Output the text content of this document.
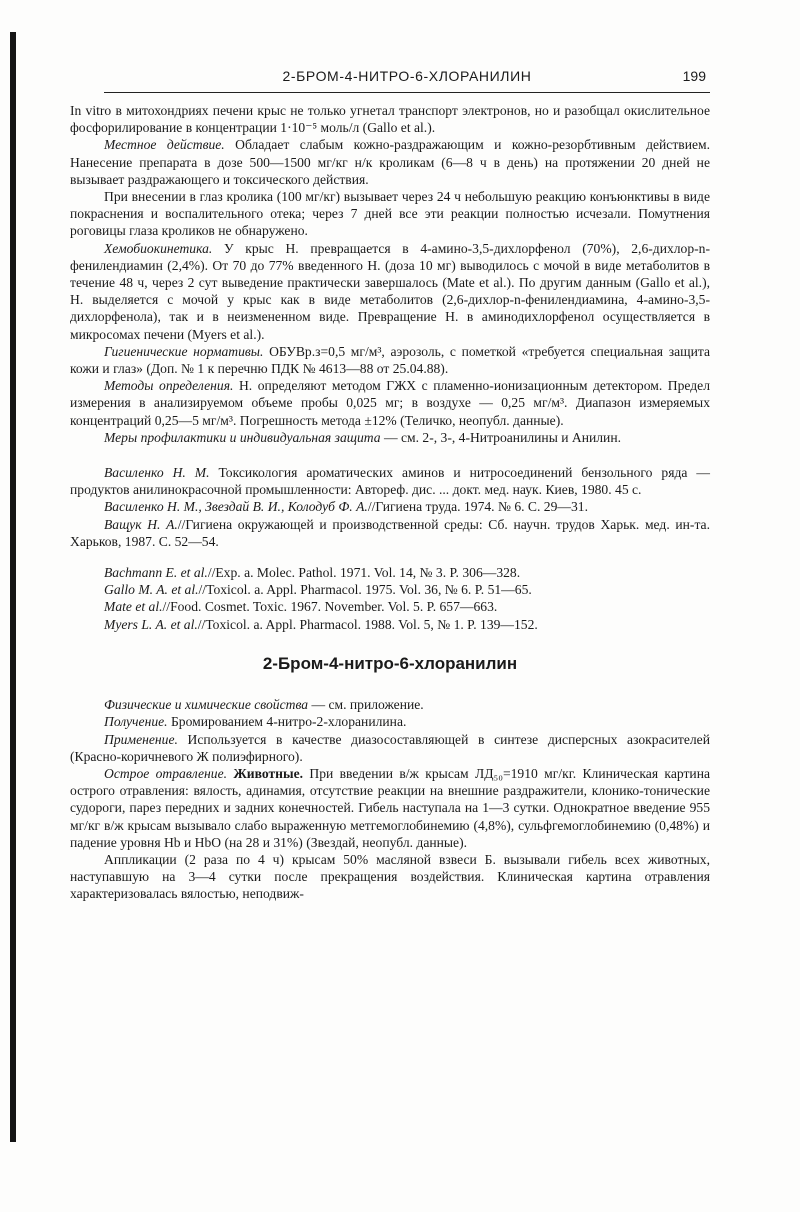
2-БРОМ-4-НИТРО-6-ХЛОРАНИЛИН	199

In vitro в митохондриях печени крыс не только угнетал транспорт электронов, но и разобщал окислительное фосфорилирование в концентрации 1·10⁻⁵ моль/л (Gallo et al.).

Местное действие. Обладает слабым кожно-раздражающим и кожно-резорбтивным действием. Нанесение препарата в дозе 500—1500 мг/кг н/к кроликам (6—8 ч в день) на протяжении 20 дней не вызывает раздражающего и токсического действия.

При внесении в глаз кролика (100 мг/кг) вызывает через 24 ч небольшую реакцию конъюнктивы в виде покраснения и воспалительного отека; через 7 дней все эти реакции полностью исчезали. Помутнения роговицы глаза кроликов не обнаружено.

Хемобиокинетика. У крыс Н. превращается в 4-амино-3,5-дихлорфенол (70%), 2,6-дихлор-n-фенилендиамин (2,4%). От 70 до 77% введенного Н. (доза 10 мг) выводилось с мочой в виде метаболитов в течение 48 ч, через 2 сут выведение практически завершалось (Mate et al.). По другим данным (Gallo et al.), Н. выделяется с мочой у крыс как в виде метаболитов (2,6-дихлор-n-фенилендиамина, 4-амино-3,5-дихлорфенола), так и в неизмененном виде. Превращение Н. в аминодихлорфенол осуществляется в микросомах печени (Myers et al.).

Гигиенические нормативы. ОБУВр.з=0,5 мг/м³, аэрозоль, с пометкой «требуется специальная защита кожи и глаз» (Доп. № 1 к перечню ПДК № 4613—88 от 25.04.88).

Методы определения. Н. определяют методом ГЖХ с пламенно-ионизационным детектором. Предел измерения в анализируемом объеме пробы 0,025 мг; в воздухе — 0,25 мг/м³. Диапазон измеряемых концентраций 0,25—5 мг/м³. Погрешность метода ±12% (Теличко, неопубл. данные).

Меры профилактики и индивидуальная защита — см. 2-, 3-, 4-Нитроанилины и Анилин.

Василенко Н. М. Токсикология ароматических аминов и нитросоединений бензольного ряда — продуктов анилинокрасочной промышленности: Автореф. дис. ... докт. мед. наук. Киев, 1980. 45 с.

Василенко Н. М., Звездай В. И., Колодуб Ф. А.//Гигиена труда. 1974. № 6. С. 29—31.

Ващук Н. А.//Гигиена окружающей и производственной среды: Сб. научн. трудов Харьк. мед. ин-та. Харьков, 1987. С. 52—54.

Bachmann E. et al.//Exp. a. Molec. Pathol. 1971. Vol. 14, № 3. P. 306—328.

Gallo M. A. et al.//Toxicol. a. Appl. Pharmacol. 1975. Vol. 36, № 6. P. 51—65.

Mate et al.//Food. Cosmet. Toxic. 1967. November. Vol. 5. P. 657—663.

Myers L. A. et al.//Toxicol. a. Appl. Pharmacol. 1988. Vol. 5, № 1. P. 139—152.

2-Бром-4-нитро-6-хлоранилин

Физические и химические свойства — см. приложение.

Получение. Бромированием 4-нитро-2-хлоранилина.

Применение. Используется в качестве диазосоставляющей в синтезе дисперсных азокрасителей (Красно-коричневого Ж полиэфирного).

Острое отравление. Животные. При введении в/ж крысам ЛД₅₀=1910 мг/кг. Клиническая картина острого отравления: вялость, адинамия, отсутствие реакции на внешние раздражители, клонико-тонические судороги, парез передних и задних конечностей. Гибель наступала на 1—3 сутки. Однократное введение 955 мг/кг в/ж крысам вызывало слабо выраженную метгемоглобинемию (4,8%), сульфгемоглобинемию (0,48%) и падение уровня Hb и HbO (на 28 и 31%) (Звездай, неопубл. данные).

Аппликации (2 раза по 4 ч) крысам 50% масляной взвеси Б. вызывали гибель всех животных, наступавшую на 3—4 сутки после прекращения воздействия. Клиническая картина отравления характеризовалась вялостью, неподвиж-
